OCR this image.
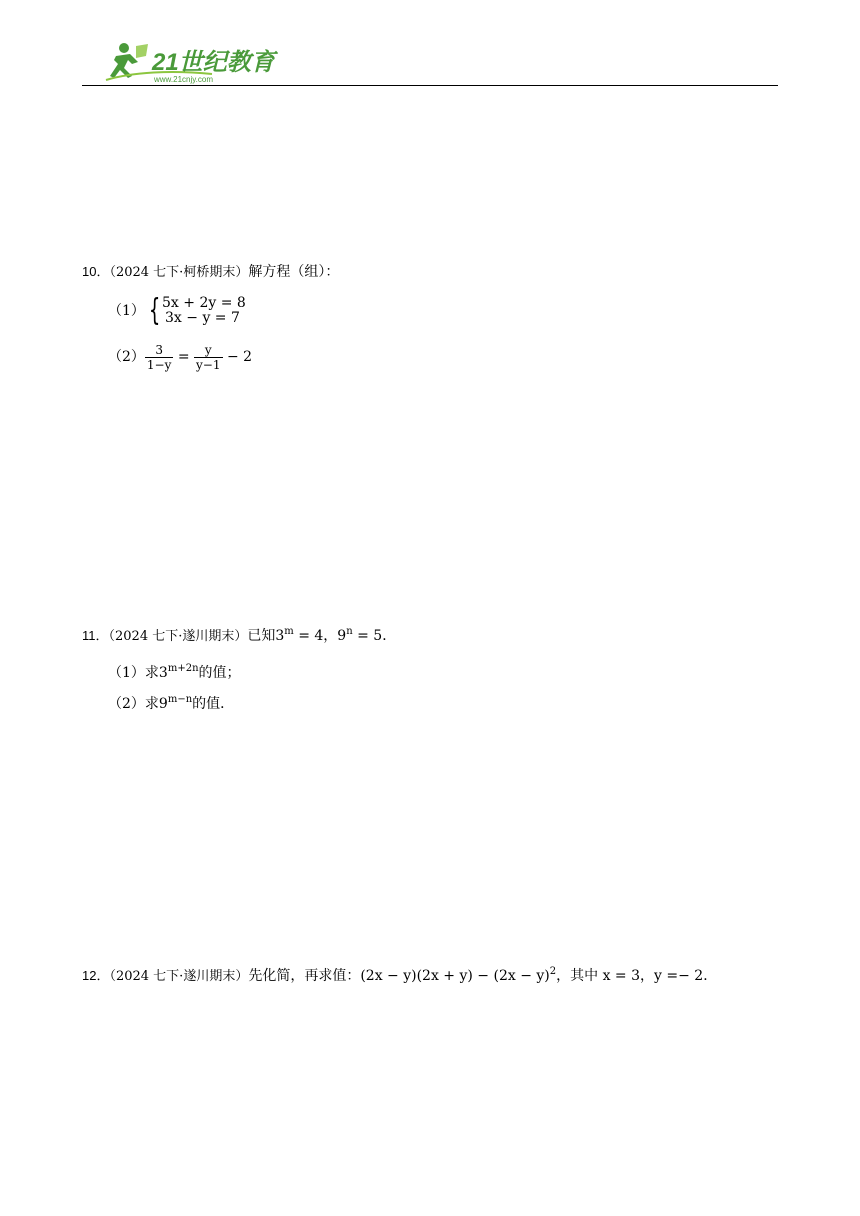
21世纪教育
www.21cnjy.com
10．（2024 七下·柯桥期末）解方程（组）：
（1） { 5x + 2y = 8
3x − y = 7
$(2) \frac{3}{1-y} = \frac{y}{y-1} - 2$
11．（2024 七下·遂川期末）已知$3^m = 4$，$9^n = 5$．
（1）求$3^{m+2n}$的值；
（2）求$9^{m-n}$的值．
12．（2024 七下·遂川期末）先化简，再求值：$(2x - y)(2x + y) - (2x - y)^2$，其中 x = 3，y =− 2．
